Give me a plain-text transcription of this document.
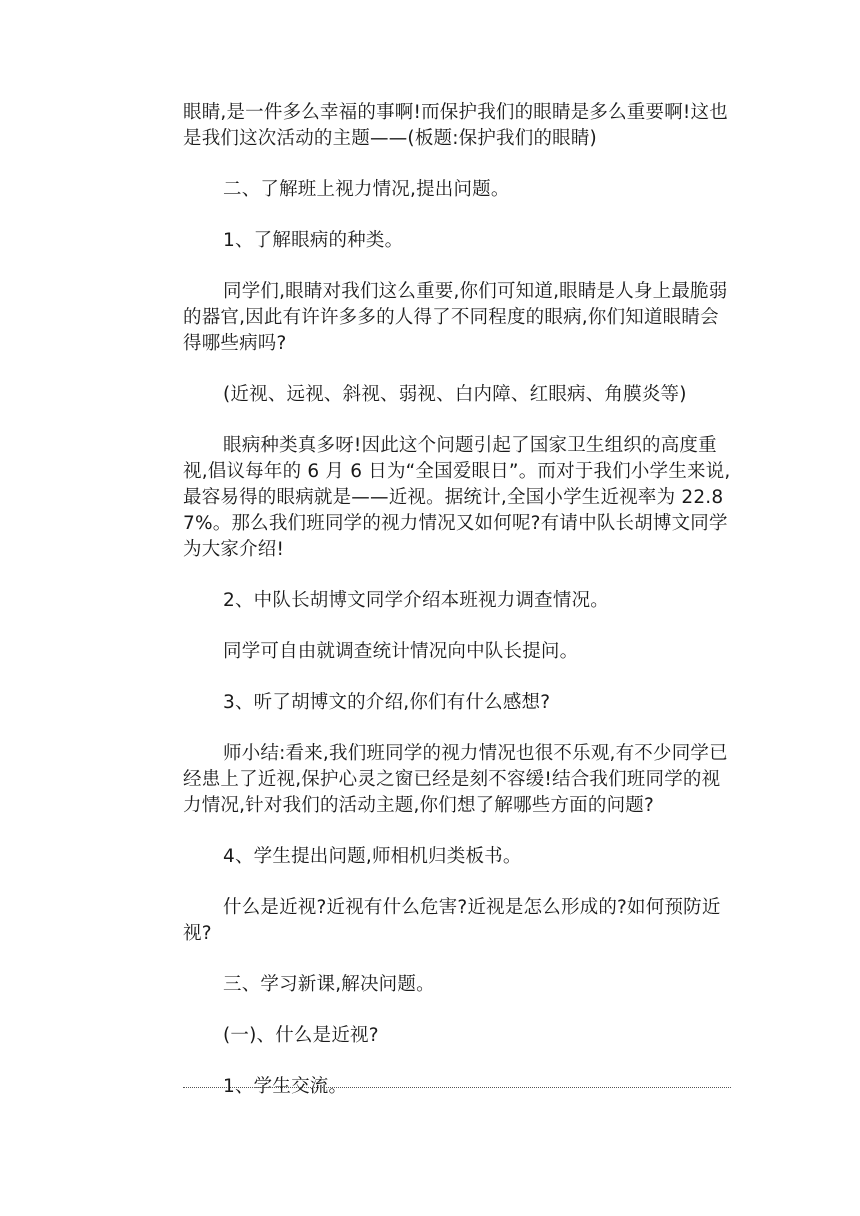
眼睛,是一件多么幸福的事啊!而保护我们的眼睛是多么重要啊!这也是我们这次活动的主题——(板题:保护我们的眼睛)

二、了解班上视力情况,提出问题。

1、了解眼病的种类。

同学们,眼睛对我们这么重要,你们可知道,眼睛是人身上最脆弱的器官,因此有许许多多的人得了不同程度的眼病,你们知道眼睛会得哪些病吗?

(近视、远视、斜视、弱视、白内障、红眼病、角膜炎等)

眼病种类真多呀!因此这个问题引起了国家卫生组织的高度重视,倡议每年的 6 月 6 日为“全国爱眼日”。而对于我们小学生来说,最容易得的眼病就是——近视。据统计,全国小学生近视率为 22.87%。那么我们班同学的视力情况又如何呢?有请中队长胡博文同学为大家介绍!

2、中队长胡博文同学介绍本班视力调查情况。

同学可自由就调查统计情况向中队长提问。

3、听了胡博文的介绍,你们有什么感想?

师小结:看来,我们班同学的视力情况也很不乐观,有不少同学已经患上了近视,保护心灵之窗已经是刻不容缓!结合我们班同学的视力情况,针对我们的活动主题,你们想了解哪些方面的问题?

4、学生提出问题,师相机归类板书。

什么是近视?近视有什么危害?近视是怎么形成的?如何预防近视?

三、学习新课,解决问题。

(一)、什么是近视?

1、学生交流。
